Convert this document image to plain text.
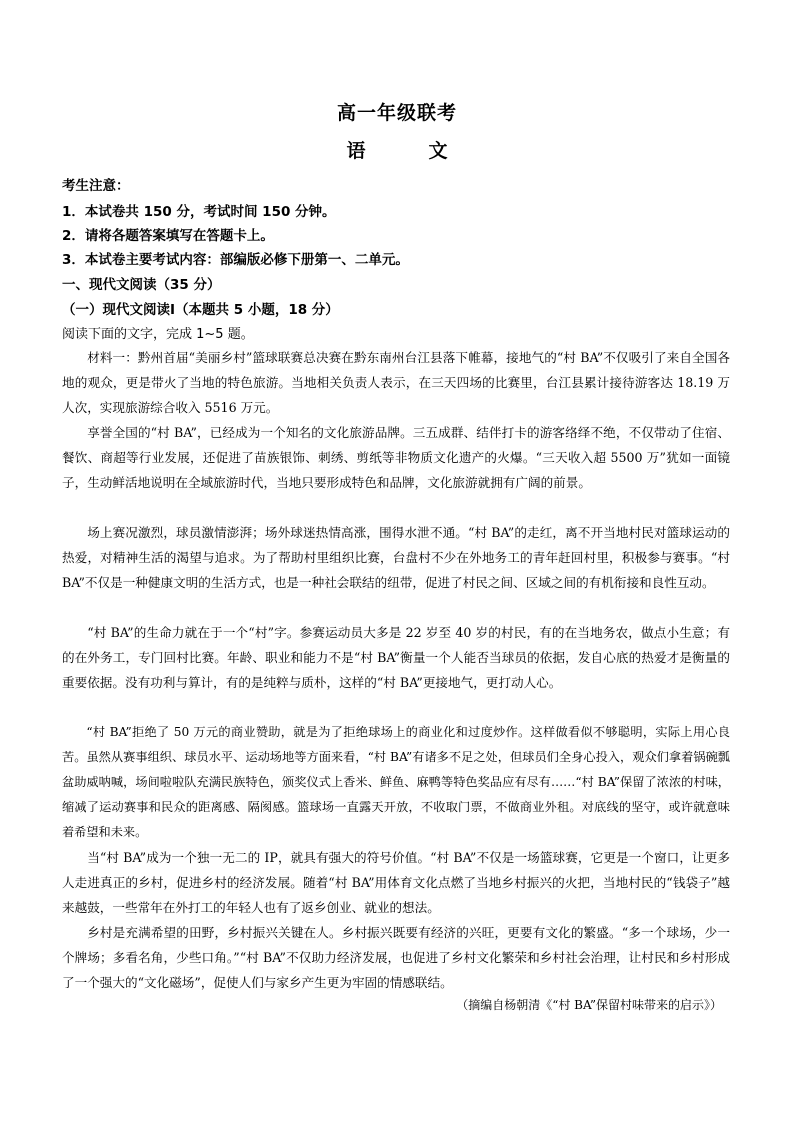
高一年级联考
语　文
考生注意：
1．本试卷共 150 分，考试时间 150 分钟。
2．请将各题答案填写在答题卡上。
3．本试卷主要考试内容：部编版必修下册第一、二单元。
一、现代文阅读（35 分）
（一）现代文阅读Ⅰ（本题共 5 小题，18 分）
阅读下面的文字，完成 1~5 题。

材料一：黔州首届“美丽乡村”篮球联赛总决赛在黔东南州台江县落下帷幕，接地气的“村 BA”不仅吸引了来自全国各地的观众，更是带火了当地的特色旅游。当地相关负责人表示，在三天四场的比赛里，台江县累计接待游客达 18.19 万人次，实现旅游综合收入 5516 万元。

享誉全国的“村 BA”，已经成为一个知名的文化旅游品牌。三五成群、结伴打卡的游客络绎不绝，不仅带动了住宿、餐饮、商超等行业发展，还促进了苗族银饰、刺绣、剪纸等非物质文化遗产的火爆。“三天收入超 5500 万”犹如一面镜子，生动鲜活地说明在全域旅游时代，当地只要形成特色和品牌，文化旅游就拥有广阔的前景。

场上赛况激烈，球员激情澎湃；场外球迷热情高涨，围得水泄不通。“村 BA”的走红，离不开当地村民对篮球运动的热爱，对精神生活的渴望与追求。为了帮助村里组织比赛，台盘村不少在外地务工的青年赶回村里，积极参与赛事。“村 BA”不仅是一种健康文明的生活方式，也是一种社会联结的纽带，促进了村民之间、区域之间的有机衔接和良性互动。

“村 BA”的生命力就在于一个“村”字。参赛运动员大多是 22 岁至 40 岁的村民，有的在当地务农，做点小生意；有的在外务工，专门回村比赛。年龄、职业和能力不是“村 BA”衡量一个人能否当球员的依据，发自心底的热爱才是衡量的重要依据。没有功利与算计，有的是纯粹与质朴，这样的“村 BA”更接地气，更打动人心。

“村 BA”拒绝了 50 万元的商业赞助，就是为了拒绝球场上的商业化和过度炒作。这样做看似不够聪明，实际上用心良苦。虽然从赛事组织、球员水平、运动场地等方面来看，“村 BA”有诸多不足之处，但球员们全身心投入，观众们拿着锅碗瓢盆助威呐喊，场间啦啦队充满民族特色，颁奖仪式上香米、鲜鱼、麻鸭等特色奖品应有尽有……“村 BA”保留了浓浓的村味，缩减了运动赛事和民众的距离感、隔阂感。篮球场一直露天开放，不收取门票，不做商业外租。对底线的坚守，或许就意味着希望和未来。

当“村 BA”成为一个独一无二的 IP，就具有强大的符号价值。“村 BA”不仅是一场篮球赛，它更是一个窗口，让更多人走进真正的乡村，促进乡村的经济发展。随着“村 BA”用体育文化点燃了当地乡村振兴的火把，当地村民的“钱袋子”越来越鼓，一些常年在外打工的年轻人也有了返乡创业、就业的想法。

乡村是充满希望的田野，乡村振兴关键在人。乡村振兴既要有经济的兴旺，更要有文化的繁盛。“多一个球场，少一个牌场；多看名角，少些口角。”“村 BA”不仅助力经济发展，也促进了乡村文化繁荣和乡村社会治理，让村民和乡村形成了一个强大的“文化磁场”，促使人们与家乡产生更为牢固的情感联结。

（摘编自杨朝清《“村 BA”保留村味带来的启示》）
